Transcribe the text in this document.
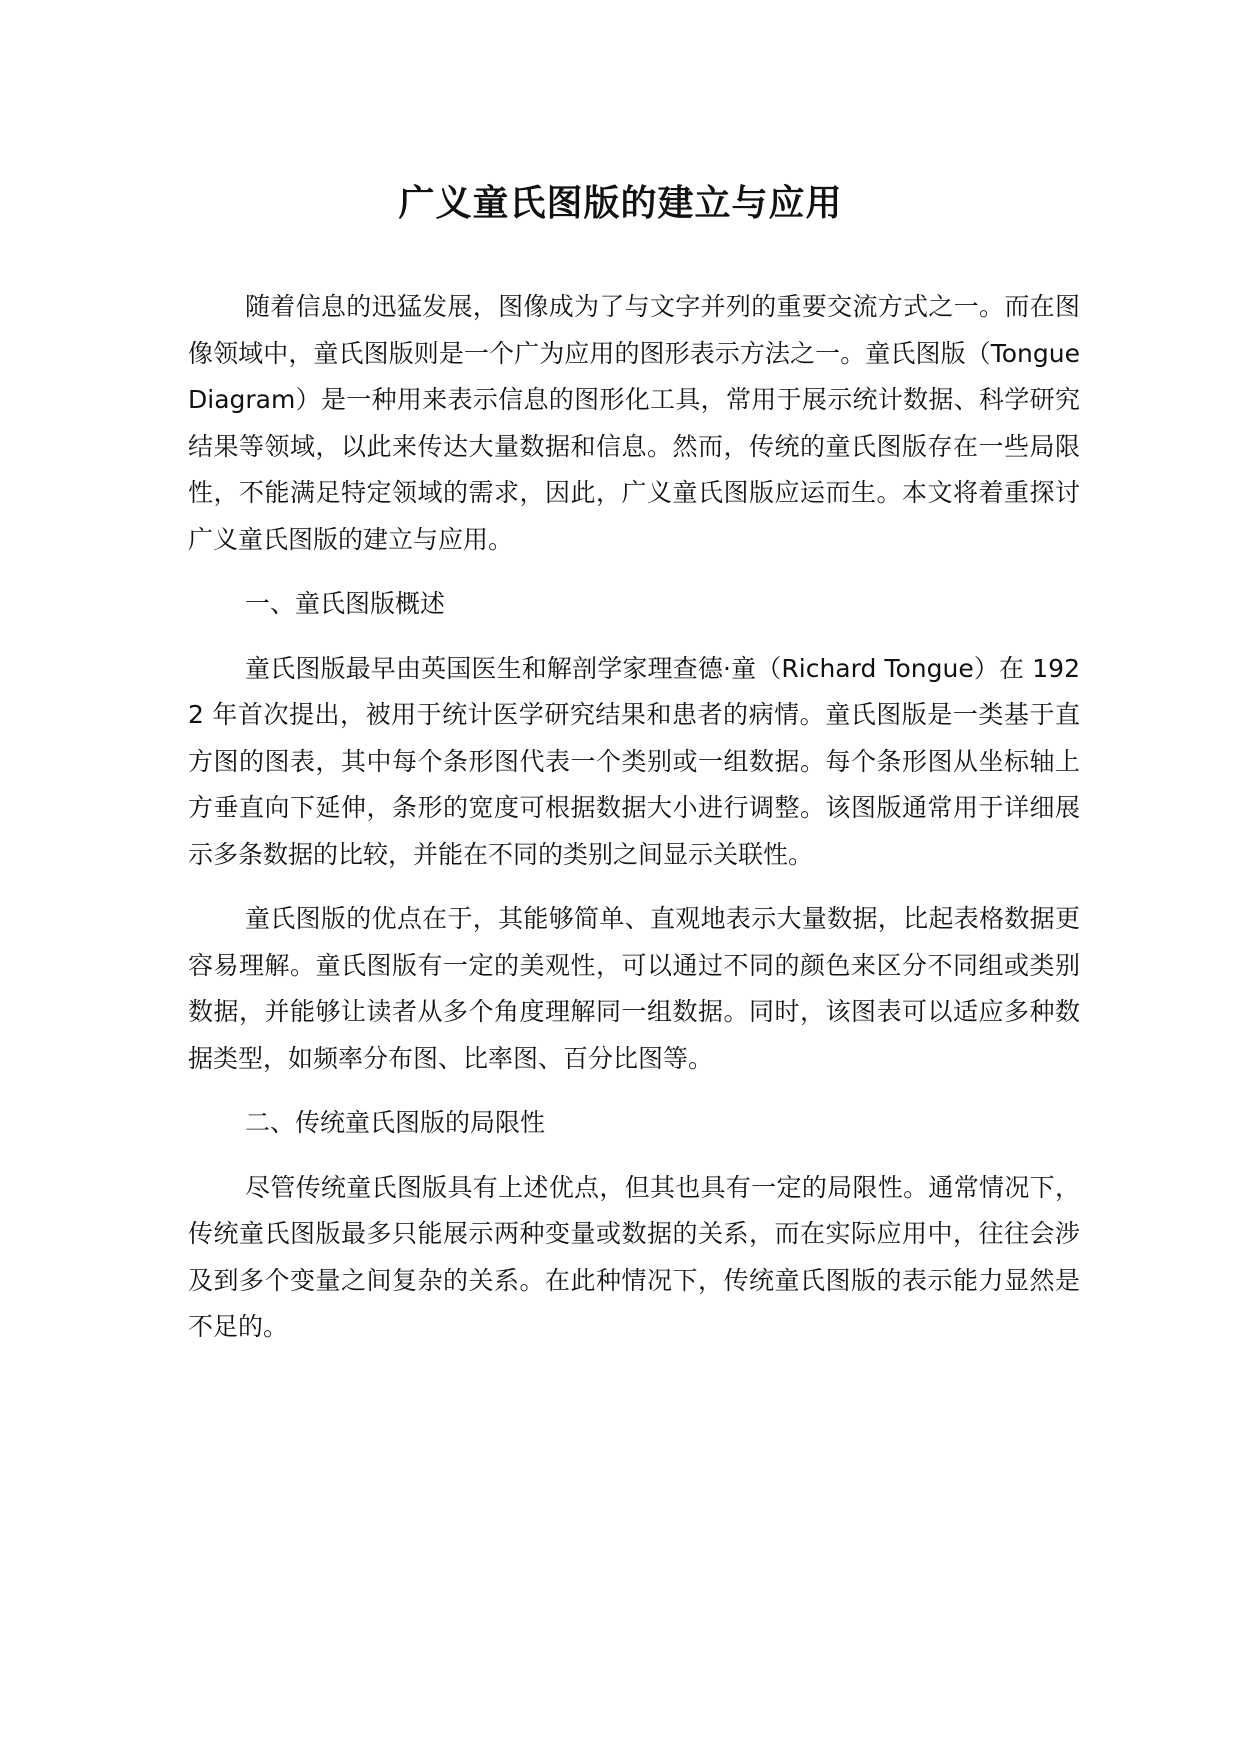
广义童氏图版的建立与应用

随着信息的迅猛发展，图像成为了与文字并列的重要交流方式之一。而在图像领域中，童氏图版则是一个广为应用的图形表示方法之一。童氏图版（Tongue Diagram）是一种用来表示信息的图形化工具，常用于展示统计数据、科学研究结果等领域，以此来传达大量数据和信息。然而，传统的童氏图版存在一些局限性，不能满足特定领域的需求，因此，广义童氏图版应运而生。本文将着重探讨广义童氏图版的建立与应用。

一、童氏图版概述

童氏图版最早由英国医生和解剖学家理查德·童（Richard Tongue）在 1922 年首次提出，被用于统计医学研究结果和患者的病情。童氏图版是一类基于直方图的图表，其中每个条形图代表一个类别或一组数据。每个条形图从坐标轴上方垂直向下延伸，条形的宽度可根据数据大小进行调整。该图版通常用于详细展示多条数据的比较，并能在不同的类别之间显示关联性。

童氏图版的优点在于，其能够简单、直观地表示大量数据，比起表格数据更容易理解。童氏图版有一定的美观性，可以通过不同的颜色来区分不同组或类别数据，并能够让读者从多个角度理解同一组数据。同时，该图表可以适应多种数据类型，如频率分布图、比率图、百分比图等。

二、传统童氏图版的局限性

尽管传统童氏图版具有上述优点，但其也具有一定的局限性。通常情况下，传统童氏图版最多只能展示两种变量或数据的关系，而在实际应用中，往往会涉及到多个变量之间复杂的关系。在此种情况下，传统童氏图版的表示能力显然是不足的。
